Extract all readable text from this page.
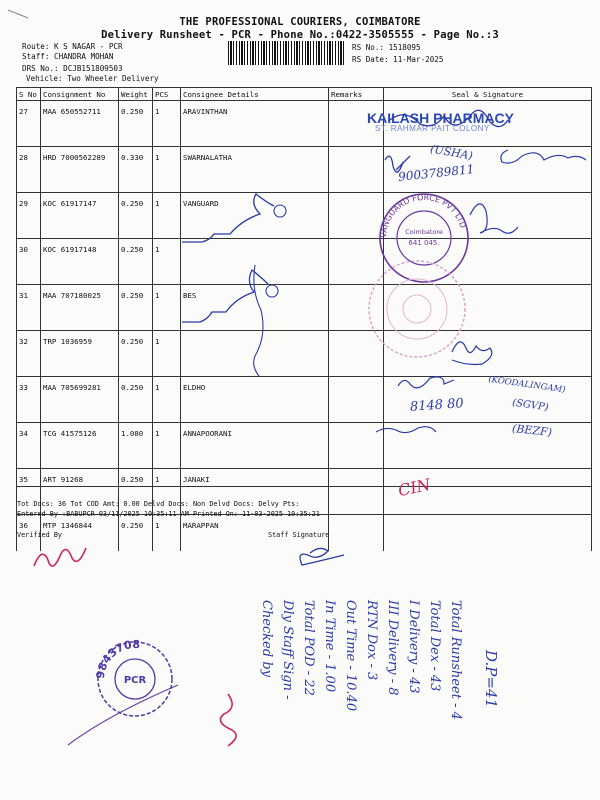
THE PROFESSIONAL COURIERS, COIMBATORE
Delivery Runsheet - PCR - Phone No.:0422-3505555 - Page No.:3
Route: K S NAGAR - PCR
Staff: CHANDRA MOHAN
DRS No.: DCJB151809503
Vehicle: Two Wheeler Delivery
RS No.: 1518095
RS Date: 11-Mar-2025
S No	Consignment No	Weight	PCS	Consignee Details	Remarks	Seal & Signature
27	MAA 650552711	0.250	1	ARAVINTHAN		
28	HRD 7000562289	0.330	1	SWARNALATHA		
29	KOC 61917147	0.250	1	VANGUARD		
30	KOC 61917148	0.250	1			
31	MAA 707180025	0.250	1	BES		
32	TRP 1036959	0.250	1			
33	MAA 705699281	0.250	1	ELDHO		
34	TCG 41575126	1.080	1	ANNAPOORANI		
35	ART 91268	0.250	1	JANAKI		
36	MTP 1346844	0.250	1	MARAPPAN		
Tot Docs: 36 Tot COD Amt: 0.00 Delvd Docs: Non Delvd Docs: Delvy Pts:
Entered By :BABUPCR 03/11/2025 10:35:11 AM Printed On: 11-03-2025 10:35:21
Verified By	Staff Signature
KAILASH PHARMACY
ST. RAHMAR PAIT COLONY
VANGUARD FORCE PVT LTD
Coimbatore
641 045.
(USHA)
9003789811
(KOODALINGAM)
8148 80	(SGVP)
(BEZF)
CIN
Total Runsheet - 4
Total Dex - 43
I Delivery - 43
III Delivery - 8
RTN Dox - 3
Out Time - 10.40
In Time - 1.00
Total POD - 22
Dly Staff Sign -
Checked by
D.P=41
9843708
PCR
